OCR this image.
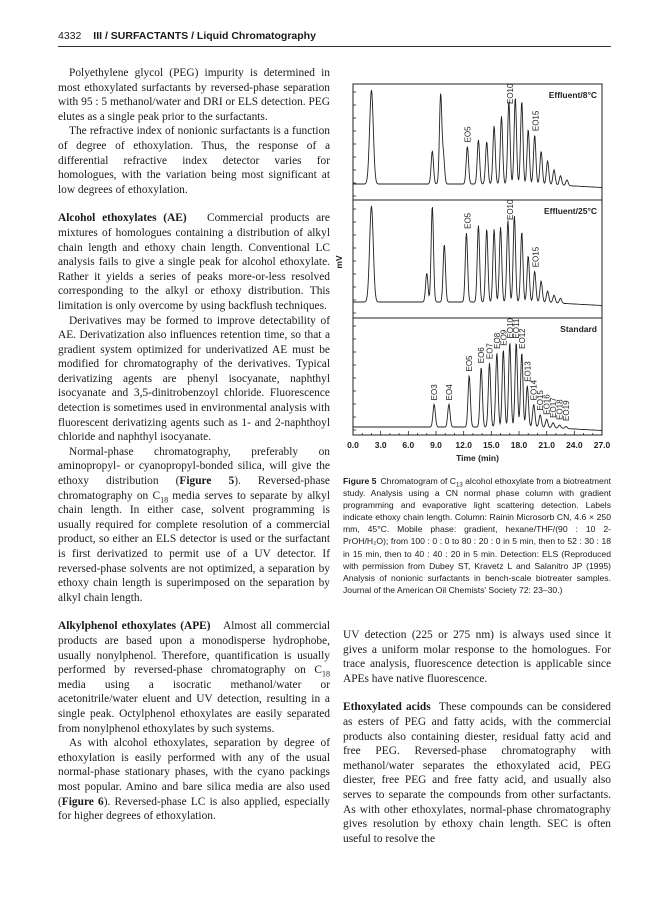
4332 III / SURFACTANTS / Liquid Chromatography

Polyethylene glycol (PEG) impurity is determined in most ethoxylated surfactants by reversed-phase separation with 95 : 5 methanol/water and DRI or ELS detection. PEG elutes as a single peak prior to the surfactants.

The refractive index of nonionic surfactants is a function of degree of ethoxylation. Thus, the response of a differential refractive index detector varies for homologues, with the variation being most significant at low degrees of ethoxylation.

Alcohol ethoxylates (AE) Commercial products are mixtures of homologues containing a distribution of alkyl chain length and ethoxy chain length. Conventional LC analysis fails to give a single peak for alcohol ethoxylate. Rather it yields a series of peaks more-or-less resolved corresponding to the alkyl or ethoxy distribution. This limitation is only overcome by using backflush techniques.

Derivatives may be formed to improve detectability of AE. Derivatization also influences retention time, so that a gradient system optimized for underivatized AE must be modified for chromatography of the derivatives. Typical derivatizing agents are phenyl isocyanate, naphthyl isocyanate and 3,5-dinitrobenzoyl chloride. Fluorescence detection is sometimes used in environmental analysis with fluorescent derivatizing agents such as 1- and 2-naphthoyl chloride and naphthyl isocyanate.

Normal-phase chromatography, preferably on aminopropyl- or cyanopropyl-bonded silica, will give the ethoxy distribution (Figure 5). Reversed-phase chromatography on $C_{18}$ media serves to separate by alkyl chain length. In either case, solvent programming is usually required for complete resolution of a commercial product, so either an ELS detector is used or the surfactant is first derivatized to permit use of a UV detector. If reversed-phase solvents are not optimized, a separation by ethoxy chain length is superimposed on the separation by alkyl chain length.

Alkylphenol ethoxylates (APE) Almost all commercial products are based upon a monodisperse hydrophobe, usually nonylphenol. Therefore, quantification is usually performed by reversed-phase chromatography on $C_{18}$ media using a isocratic methanol/water or acetonitrile/water eluent and UV detection, resulting in a single peak. Octylphenol ethoxylates are easily separated from nonylphenol ethoxylates by such systems.

As with alcohol ethoxylates, separation by degree of ethoxylation is easily performed with any of the usual normal-phase stationary phases, with the cyano packings most popular. Amino and bare silica media are also used (Figure 6). Reversed-phase LC is also applied, especially for higher degrees of ethoxylation.

0.0 3.0 6.0 9.0 12.0 15.0 18.0 21.0 24.0 27.0
Time (min)
mV
Effluent/8°C
EO5
EO10
EO15
Effluent/25°C
EO5
EO10
EO15
Standard
EO3 EO4
EO5
EO6 EO7
EO8
EO9
EO10
EO11
EO12
EO13
EO14
EO15
EO16
EO17
EO18
EO19
Figure 5 Chromatogram of $C_{13}$ alcohol ethoxylate from a biotreatment study. Analysis using a CN normal phase column with gradient programming and evaporative light scattering detection. Labels indicate ethoxy chain length. Column: Rainin Microsorb CN, 4.6 × 250 mm, 45°C. Mobile phase: gradient, hexane/THF/(90 : 10 2-PrOH/H₂O); from 100 : 0 : 0 to 80 : 20 : 0 in 5 min, then to 52 : 30 : 18 in 15 min, then to 40 : 40 : 20 in 5 min. Detection: ELS (Reproduced with permission from Dubey ST, Kravetz L and Salanitro JP (1995) Analysis of nonionic surfactants in bench-scale biotreater samples. Journal of the American Oil Chemists' Society 72: 23–30.)

UV detection (225 or 275 nm) is always used since it gives a uniform molar response to the homologues. For trace analysis, fluorescence detection is applicable since APEs have native fluorescence.

Ethoxylated acids These compounds can be considered as esters of PEG and fatty acids, with the commercial products also containing diester, residual fatty acid and free PEG. Reversed-phase chromatography with methanol/water separates the ethoxylated acid, PEG diester, free PEG and free fatty acid, and usually also serves to separate the compounds from other surfactants. As with other ethoxylates, normal-phase chromatography gives resolution by ethoxy chain length. SEC is often useful to resolve the
